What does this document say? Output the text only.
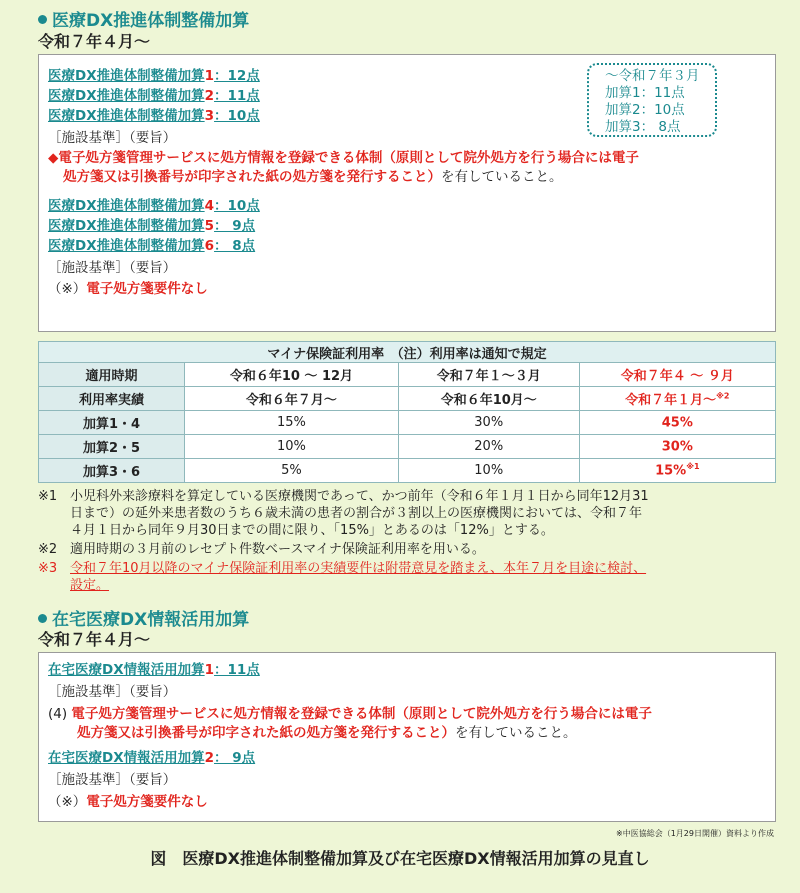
医療DX推進体制整備加算
令和７年４月〜
医療DX推進体制整備加算1：12点
医療DX推進体制整備加算2：11点
医療DX推進体制整備加算3：10点
〜令和７年３月
加算1：11点
加算2：10点
加算3： 8点
［施設基準］（要旨）
◆電子処方箋管理サービスに処方情報を登録できる体制（原則として院外処方を行う場合には電子
処方箋又は引換番号が印字された紙の処方箋を発行すること）を有していること。
医療DX推進体制整備加算4：10点
医療DX推進体制整備加算5： 9点
医療DX推進体制整備加算6： 8点
［施設基準］（要旨）
（※）電子処方箋要件なし
マイナ保険証利用率　（注）利用率は通知で規定			
適用時期	令和６年10 〜 12月	令和７年１〜３月	令和７年４ 〜 ９月
利用率実績	令和６年７月〜	令和６年10月〜	令和７年１月〜$^{※2}$
加算1・4	15%	30%	45%
加算2・5	10%	20%	30%
加算3・6	5%	10%	15%$^{※1}$
※1 小児科外来診療料を算定している医療機関であって、かつ前年（令和６年１月１日から同年12月31
日まで）の延外来患者数のうち６歳未満の患者の割合が３割以上の医療機関においては、令和７年
４月１日から同年９月30日までの間に限り、「15%」とあるのは「12%」とする。
※2 適用時期の３月前のレセプト件数ベースマイナ保険証利用率を用いる。
※3 令和７年10月以降のマイナ保険証利用率の実績要件は附帯意見を踏まえ、本年７月を目途に検討、
設定。
在宅医療DX情報活用加算
令和７年４月〜
在宅医療DX情報活用加算1：11点
［施設基準］（要旨）
(4) 電子処方箋管理サービスに処方情報を登録できる体制（原則として院外処方を行う場合には電子
処方箋又は引換番号が印字された紙の処方箋を発行すること）を有していること。
在宅医療DX情報活用加算2： 9点
［施設基準］（要旨）
（※）電子処方箋要件なし
※中医協総会（1月29日開催）資料より作成
図　医療DX推進体制整備加算及び在宅医療DX情報活用加算の見直し
